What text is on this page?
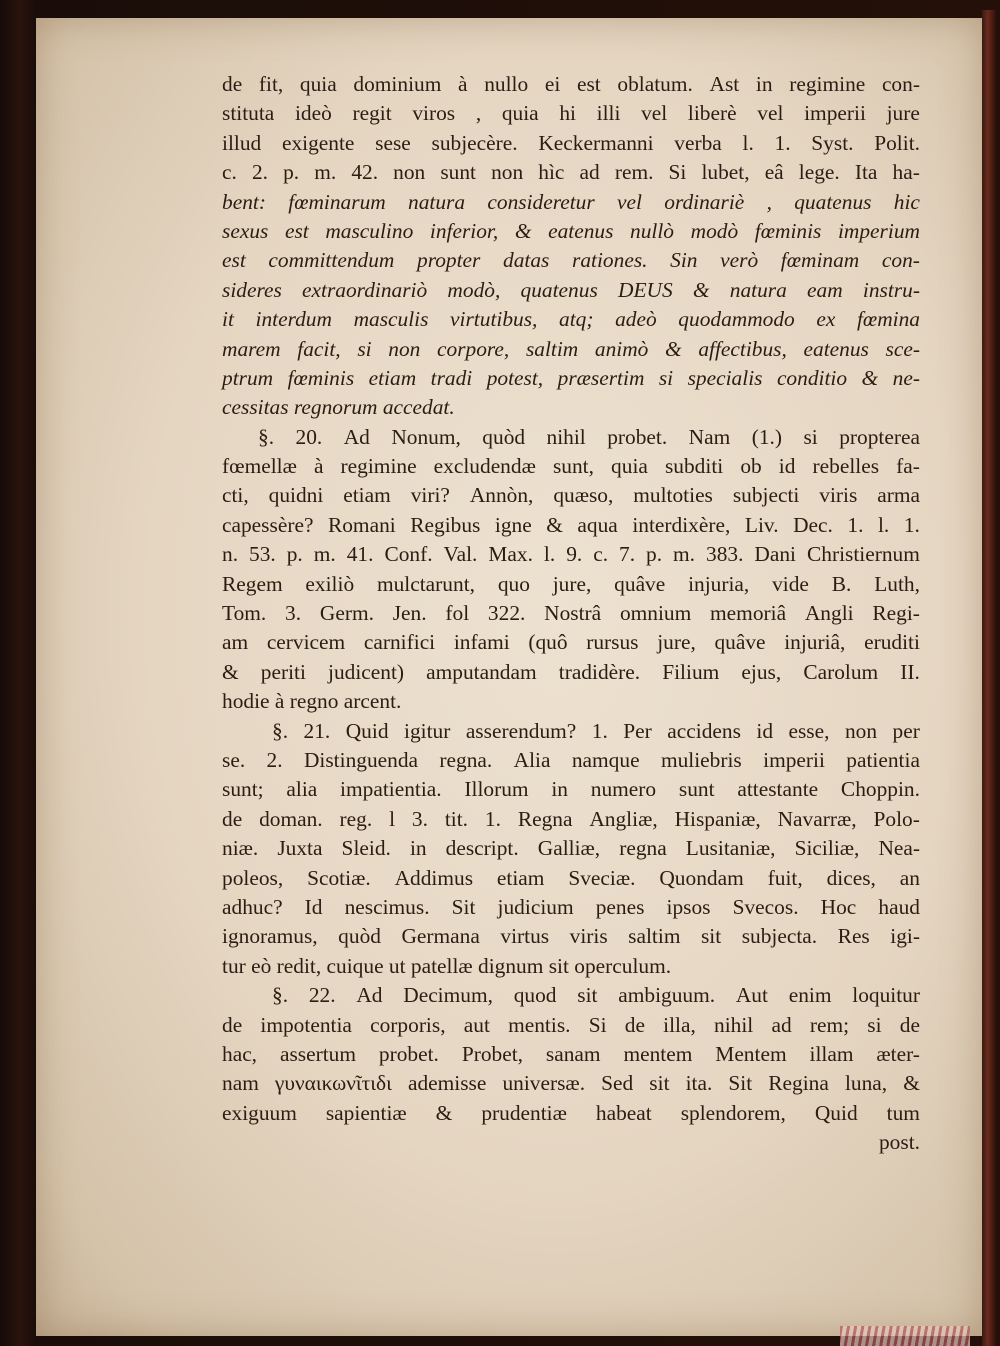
de fit, quia dominium à nullo ei est oblatum. Ast in regimine con-
stituta ideò regit viros , quia hi illi vel liberè vel imperii jure
illud exigente sese subjecère. Keckermanni verba l. 1. Syst. Polit.
c. 2. p. m. 42. non sunt non hìc ad rem. Si lubet, eâ lege. Ita ha-
bent: fœminarum natura consideretur vel ordinariè , quatenus hic
sexus est masculino inferior, & eatenus nullò modò fœminis imperium
est committendum propter datas rationes. Sin verò fœminam con-
sideres extraordinariò modò, quatenus DEUS & natura eam instru-
it interdum masculis virtutibus, atq; adeò quodammodo ex fœmina
marem facit, si non corpore, saltim animò & affectibus, eatenus sce-
ptrum fœminis etiam tradi potest, præsertim si specialis conditio & ne-
cessitas regnorum accedat.
§. 20. Ad Nonum, quòd nihil probet. Nam (1.) si propterea
fœmellæ à regimine excludendæ sunt, quia subditi ob id rebelles fa-
cti, quidni etiam viri? Annòn, quæso, multoties subjecti viris arma
capessère? Romani Regibus igne & aqua interdixère, Liv. Dec. 1. l. 1.
n. 53. p. m. 41. Conf. Val. Max. l. 9. c. 7. p. m. 383. Dani Christiernum
Regem exiliò mulctarunt, quo jure, quâve injuria, vide B. Luth,
Tom. 3. Germ. Jen. fol 322. Nostrâ omnium memoriâ Angli Regi-
am cervicem carnifici infami (quô rursus jure, quâve injuriâ, eruditi
& periti judicent) amputandam tradidère. Filium ejus, Carolum II.
hodie à regno arcent.
§. 21. Quid igitur asserendum? 1. Per accidens id esse, non per
se. 2. Distinguenda regna. Alia namque muliebris imperii patientia
sunt; alia impatientia. Illorum in numero sunt attestante Choppin.
de doman. reg. l 3. tit. 1. Regna Angliæ, Hispaniæ, Navarræ, Polo-
niæ. Juxta Sleid. in descript. Galliæ, regna Lusitaniæ, Siciliæ, Nea-
poleos, Scotiæ. Addimus etiam Sveciæ. Quondam fuit, dices, an
adhuc? Id nescimus. Sit judicium penes ipsos Svecos. Hoc haud
ignoramus, quòd Germana virtus viris saltim sit subjecta. Res igi-
tur eò redit, cuique ut patellæ dignum sit operculum.
§. 22. Ad Decimum, quod sit ambiguum. Aut enim loquitur
de impotentia corporis, aut mentis. Si de illa, nihil ad rem; si de
hac, assertum probet. Probet, sanam mentem Mentem illam æter-
nam γυναικωνῖτιδι ademisse universæ. Sed sit ita. Sit Regina luna, &
exiguum sapientiæ & prudentiæ habeat splendorem, Quid tum
post.
